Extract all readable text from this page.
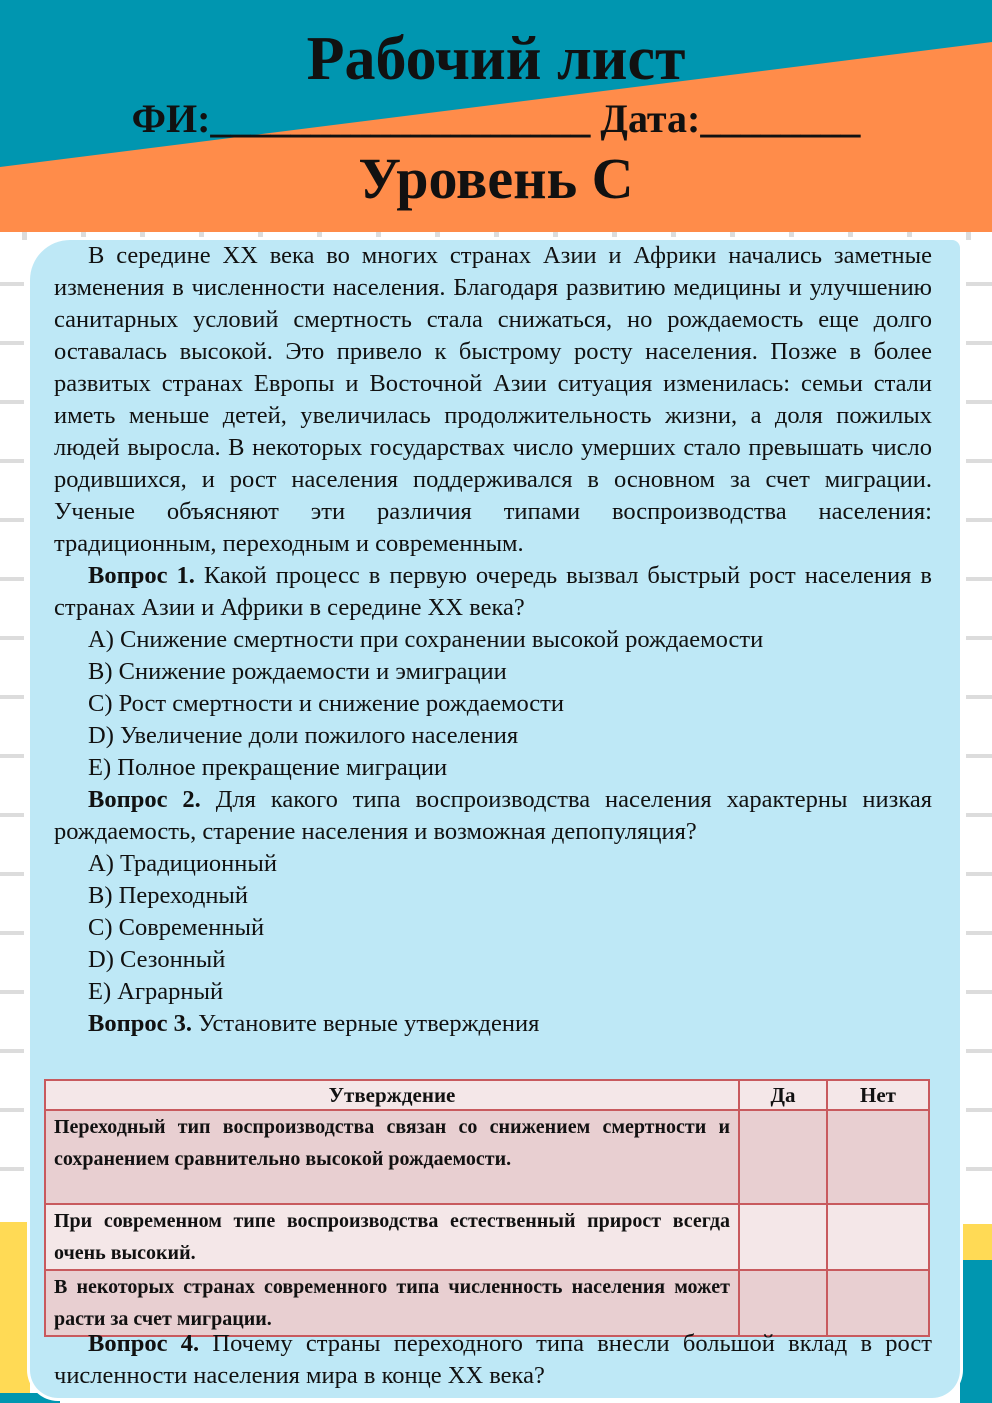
Рабочий лист
ФИ:___________________ Дата:________
Уровень С

В середине XX века во многих странах Азии и Африки начались заметные изменения в численности населения. Благодаря развитию медицины и улучшению санитарных условий смертность стала снижаться, но рождаемость еще долго оставалась высокой. Это привело к быстрому росту населения. Позже в более развитых странах Европы и Восточной Азии ситуация изменилась: семьи стали иметь меньше детей, увеличилась продолжительность жизни, а доля пожилых людей выросла. В некоторых государствах число умерших стало превышать число родившихся, и рост населения поддерживался в основном за счет миграции. Ученые объясняют эти различия типами воспроизводства населения: традиционным, переходным и современным.

Вопрос 1. Какой процесс в первую очередь вызвал быстрый рост населения в странах Азии и Африки в середине XX века?

A) Снижение смертности при сохранении высокой рождаемости

B) Снижение рождаемости и эмиграции

C) Рост смертности и снижение рождаемости

D) Увеличение доли пожилого населения

E) Полное прекращение миграции

Вопрос 2. Для какого типа воспроизводства населения характерны низкая рождаемость, старение населения и возможная депопуляция?

A) Традиционный

B) Переходный

C) Современный

D) Сезонный

E) Аграрный

Вопрос 3. Установите верные утверждения

Утверждение	Да	Нет
Переходный тип воспроизводства связан со снижением смертности и сохранением сравнительно высокой рождаемости.		
При современном типе воспроизводства естественный прирост всегда очень высокий.		
В некоторых странах современного типа численность населения может расти за счет миграции.		

Вопрос 4. Почему страны переходного типа внесли большой вклад в рост численности населения мира в конце XX века?
